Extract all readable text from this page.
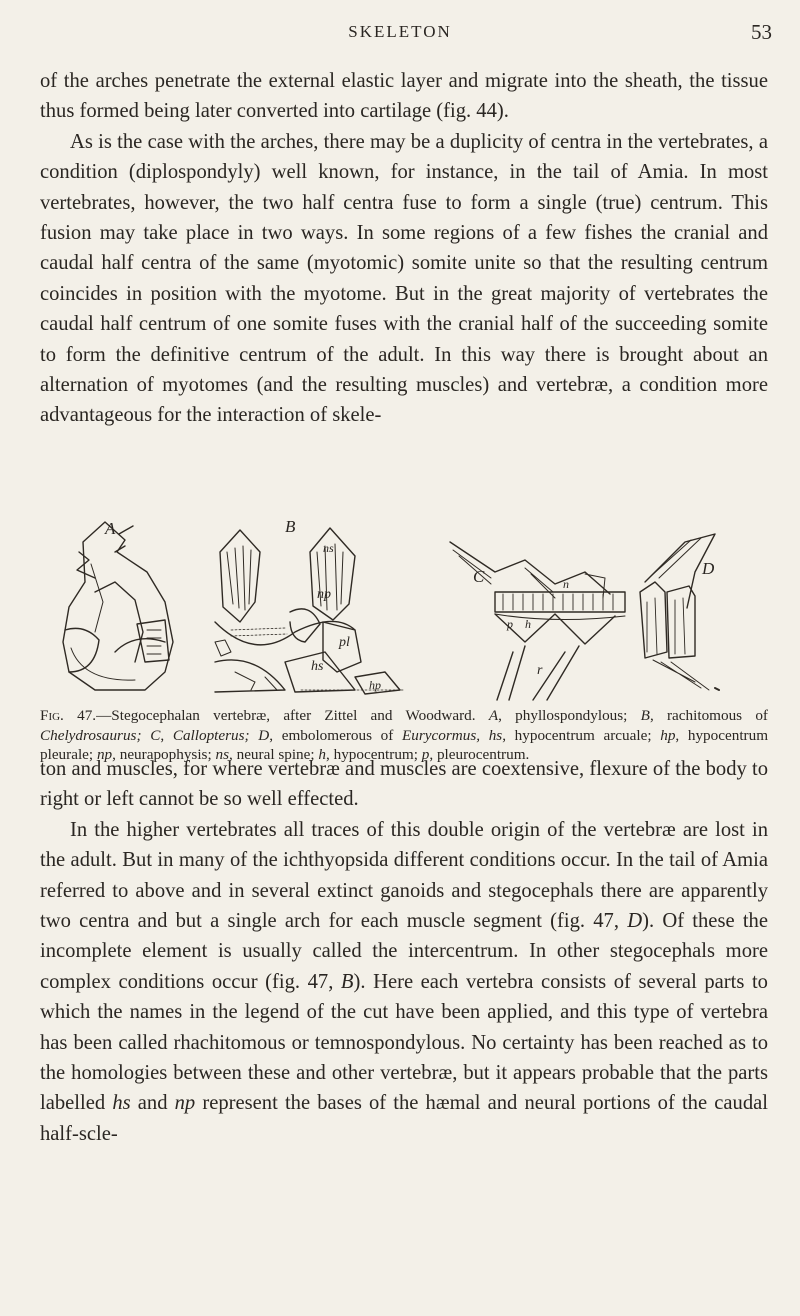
SKELETON	53

of the arches penetrate the external elastic layer and migrate into the sheath, the tissue thus formed being later converted into cartilage (fig. 44).

As is the case with the arches, there may be a duplicity of centra in the vertebrates, a condition (diplospondyly) well known, for instance, in the tail of Amia. In most vertebrates, however, the two half centra fuse to form a single (true) centrum. This fusion may take place in two ways. In some regions of a few fishes the cranial and caudal half centra of the same (myotomic) somite unite so that the resulting centrum coincides in position with the myotome. But in the great majority of vertebrates the caudal half centrum of one somite fuses with the cranial half of the succeeding somite to form the definitive centrum of the adult. In this way there is brought about an alternation of myotomes (and the resulting muscles) and vertebræ, a condition more advantageous for the interaction of skele-

A	B
ns
np
pl
hs
hp
C	n
p h
r
D
Fig. 47.—Stegocephalan vertebræ, after Zittel and Woodward. A, phyllospondylous; B, rachitomous of Chelydrosaurus; C, Callopterus; D, embolomerous of Eurycormus, hs, hypocentrum arcuale; hp, hypocentrum pleurale; np, neurapophysis; ns, neural spine; h, hypocentrum; p, pleurocentrum.

ton and muscles, for where vertebræ and muscles are coextensive, flexure of the body to right or left cannot be so well effected.

In the higher vertebrates all traces of this double origin of the vertebræ are lost in the adult. But in many of the ichthyopsida different conditions occur. In the tail of Amia referred to above and in several extinct ganoids and stegocephals there are apparently two centra and but a single arch for each muscle segment (fig. 47, D). Of these the incomplete element is usually called the intercentrum. In other stegocephals more complex conditions occur (fig. 47, B). Here each vertebra consists of several parts to which the names in the legend of the cut have been applied, and this type of vertebra has been called rhachitomous or temnospondylous. No certainty has been reached as to the homologies between these and other vertebræ, but it appears probable that the parts labelled hs and np represent the bases of the hæmal and neural portions of the caudal half-scle-
